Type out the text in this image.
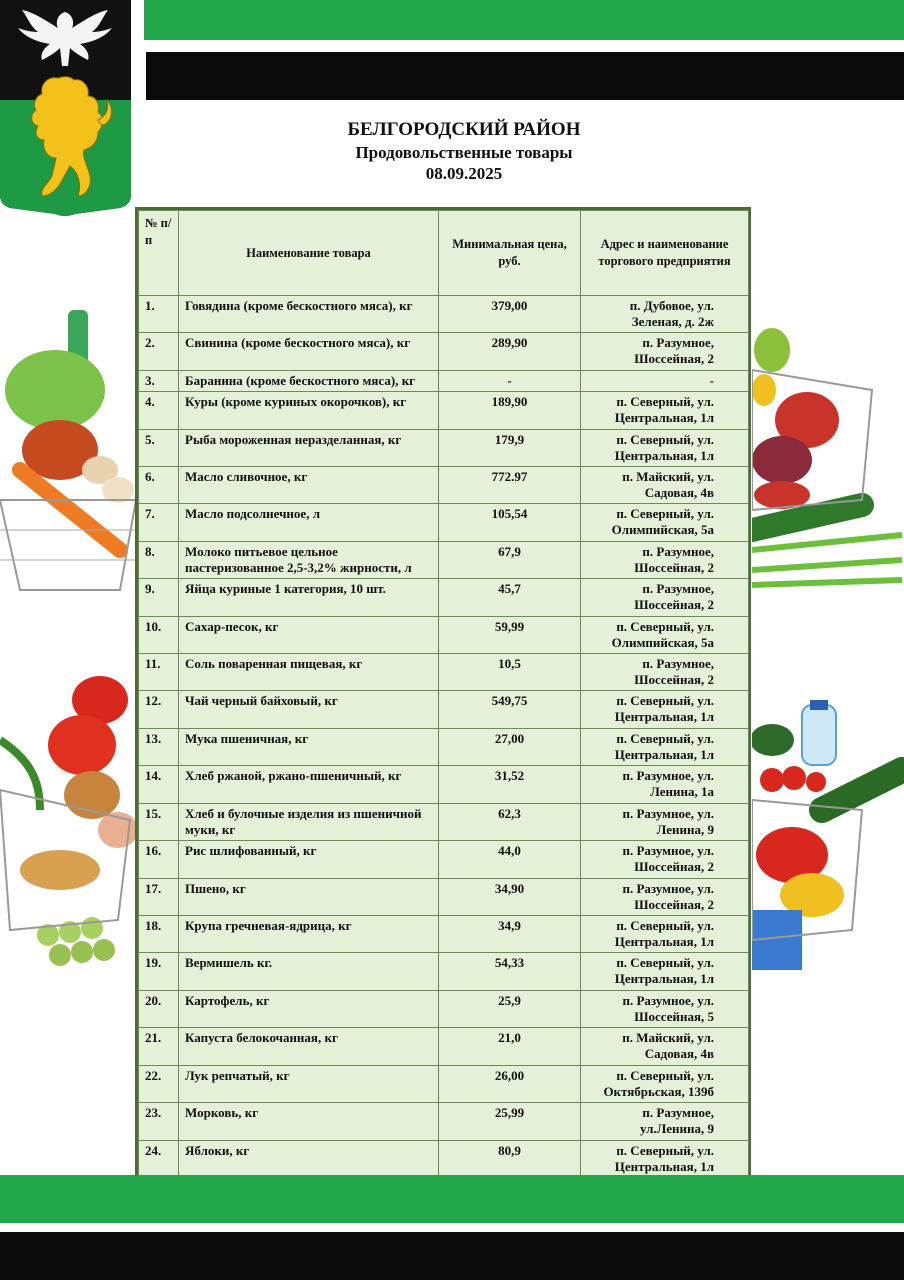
БЕЛГОРОДСКИЙ РАЙОН
Продовольственные товары
08.09.2025
№ п/п	Наименование товара	Минимальная цена, руб.	Адрес и наименование торгового предприятия
1.	Говядина (кроме бескостного мяса), кг	379,00	п. Дубовое, ул. Зеленая, д. 2ж
2.	Свинина (кроме бескостного мяса), кг	289,90	п. Разумное, Шоссейная, 2
3.	Баранина (кроме бескостного мяса), кг	-	-
4.	Куры (кроме куриных окорочков), кг	189,90	п. Северный, ул. Центральная, 1л
5.	Рыба мороженная неразделанная, кг	179,9	п. Северный, ул. Центральная, 1л
6.	Масло сливочное, кг	772.97	п. Майский, ул. Садовая, 4в
7.	Масло подсолнечное, л	105,54	п. Северный, ул. Олимпийская, 5а
8.	Молоко питьевое цельное пастеризованное 2,5-3,2% жирности, л	67,9	п. Разумное, Шоссейная, 2
9.	Яйца куриные 1 категория, 10 шт.	45,7	п. Разумное, Шоссейная, 2
10.	Сахар-песок, кг	59,99	п. Северный, ул. Олимпийская, 5а
11.	Соль поваренная пищевая, кг	10,5	п. Разумное, Шоссейная, 2
12.	Чай черный байховый, кг	549,75	п. Северный, ул. Центральная, 1л
13.	Мука пшеничная, кг	27,00	п. Северный, ул. Центральная, 1л
14.	Хлеб ржаной, ржано-пшеничный, кг	31,52	п. Разумное, ул. Ленина, 1а
15.	Хлеб и булочные изделия из пшеничной муки, кг	62,3	п. Разумное, ул. Ленина, 9
16.	Рис шлифованный, кг	44,0	п. Разумное, ул. Шоссейная, 2
17.	Пшено, кг	34,90	п. Разумное, ул. Шоссейная, 2
18.	Крупа гречневая-ядрица, кг	34,9	п. Северный, ул. Центральная, 1л
19.	Вермишель кг.	54,33	п. Северный, ул. Центральная, 1л
20.	Картофель, кг	25,9	п. Разумное, ул. Шоссейная, 5
21.	Капуста белокочанная, кг	21,0	п. Майский, ул. Садовая, 4в
22.	Лук репчатый, кг	26,00	п. Северный, ул. Октябрьская, 139б
23.	Морковь, кг	25,99	п. Разумное, ул.Ленина, 9
24.	Яблоки, кг	80,9	п. Северный, ул. Центральная, 1л
